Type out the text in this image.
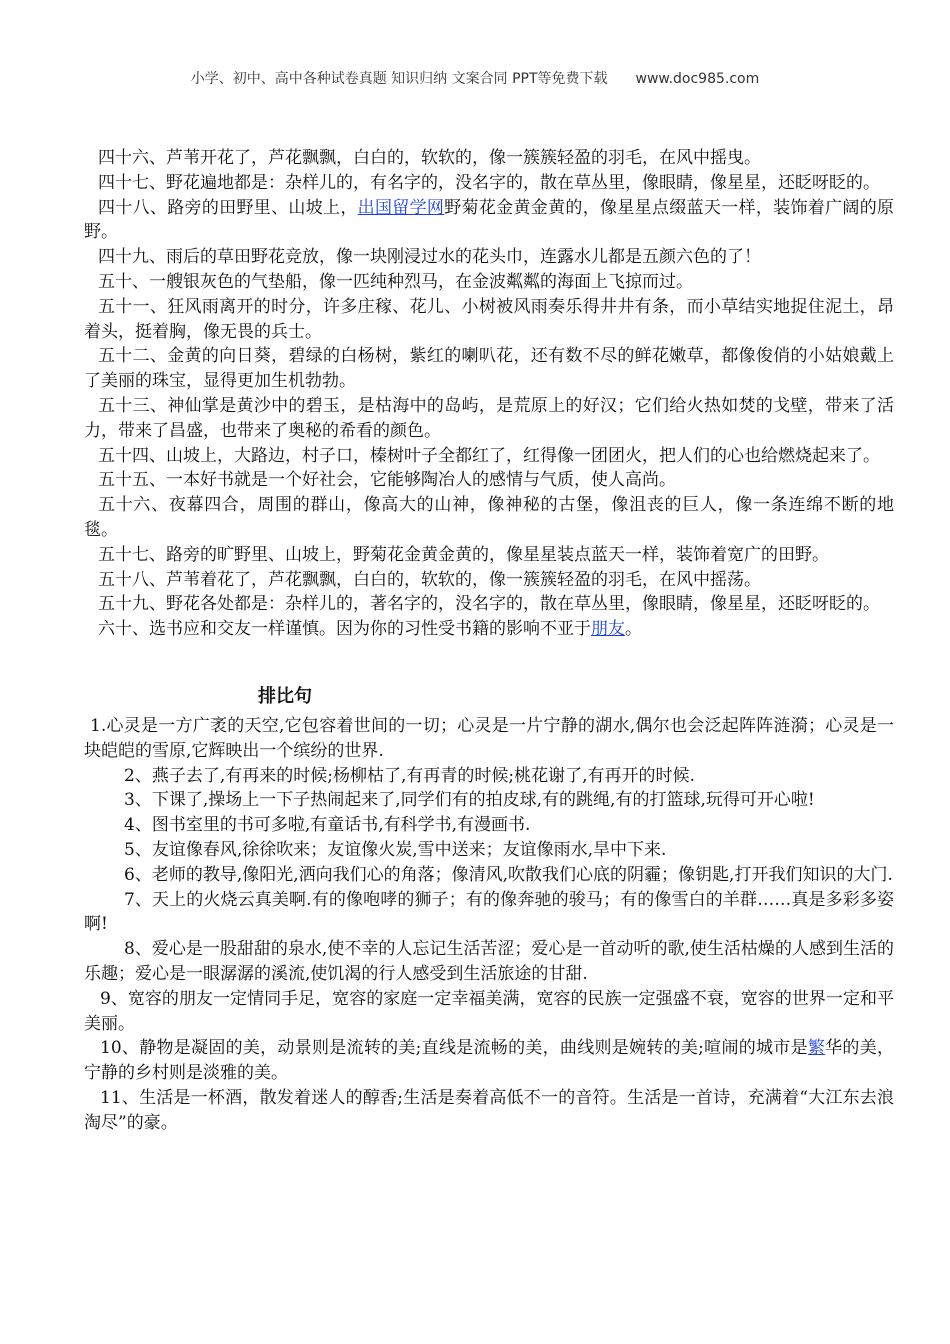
小学、初中、高中各种试卷真题 知识归纳 文案合同 PPT等免费下载 www.doc985.com

四十六、芦苇开花了，芦花飘飘，白白的，软软的，像一簇簇轻盈的羽毛，在风中摇曳。

四十七、野花遍地都是：杂样儿的，有名字的，没名字的，散在草丛里，像眼睛，像星星，还眨呀眨的。

四十八、路旁的田野里、山坡上，出国留学网野菊花金黄金黄的，像星星点缀蓝天一样，装饰着广阔的原野。

四十九、雨后的草田野花竞放，像一块刚浸过水的花头巾，连露水儿都是五颜六色的了！

五十、一艘银灰色的气垫船，像一匹纯种烈马，在金波粼粼的海面上飞掠而过。

五十一、狂风雨离开的时分，许多庄稼、花儿、小树被风雨奏乐得井井有条，而小草结实地捉住泥土，昂着头，挺着胸，像无畏的兵士。

五十二、金黄的向日葵，碧绿的白杨树，紫红的喇叭花，还有数不尽的鲜花嫩草，都像俊俏的小姑娘戴上了美丽的珠宝，显得更加生机勃勃。

五十三、神仙掌是黄沙中的碧玉，是枯海中的岛屿，是荒原上的好汉；它们给火热如焚的戈壁，带来了活力，带来了昌盛，也带来了奥秘的希看的颜色。

五十四、山坡上，大路边，村子口，榛树叶子全都红了，红得像一团团火，把人们的心也给燃烧起来了。

五十五、一本好书就是一个好社会，它能够陶冶人的感情与气质，使人高尚。

五十六、夜幕四合，周围的群山，像高大的山神，像神秘的古堡，像沮丧的巨人，像一条连绵不断的地毯。

五十七、路旁的旷野里、山坡上，野菊花金黄金黄的，像星星装点蓝天一样，装饰着宽广的田野。

五十八、芦苇着花了，芦花飘飘，白白的，软软的，像一簇簇轻盈的羽毛，在风中摇荡。

五十九、野花各处都是：杂样儿的，著名字的，没名字的，散在草丛里，像眼睛，像星星，还眨呀眨的。

六十、选书应和交友一样谨慎。因为你的习性受书籍的影响不亚于朋友。

排比句

1.心灵是一方广袤的天空,它包容着世间的一切；心灵是一片宁静的湖水,偶尔也会泛起阵阵涟漪；心灵是一块皑皑的雪原,它辉映出一个缤纷的世界.

2、燕子去了,有再来的时候;杨柳枯了,有再青的时候;桃花谢了,有再开的时候.

3、下课了,操场上一下子热闹起来了,同学们有的拍皮球,有的跳绳,有的打篮球,玩得可开心啦!

4、图书室里的书可多啦,有童话书,有科学书,有漫画书.

5、友谊像春风,徐徐吹来；友谊像火炭,雪中送来；友谊像雨水,旱中下来.

6、老师的教导,像阳光,洒向我们心的角落；像清风,吹散我们心底的阴霾；像钥匙,打开我们知识的大门.

7、天上的火烧云真美啊.有的像咆哮的狮子；有的像奔驰的骏马；有的像雪白的羊群……真是多彩多姿啊!

8、爱心是一股甜甜的泉水,使不幸的人忘记生活苦涩；爱心是一首动听的歌,使生活枯燥的人感到生活的乐趣；爱心是一眼潺潺的溪流,使饥渴的行人感受到生活旅途的甘甜.

9、宽容的朋友一定情同手足，宽容的家庭一定幸福美满，宽容的民族一定强盛不衰，宽容的世界一定和平美丽。

10、静物是凝固的美，动景则是流转的美;直线是流畅的美，曲线则是婉转的美;喧闹的城市是繁华的美，宁静的乡村则是淡雅的美。

11、生活是一杯酒，散发着迷人的醇香;生活是奏着高低不一的音符。生活是一首诗，充满着“大江东去浪淘尽”的豪。
